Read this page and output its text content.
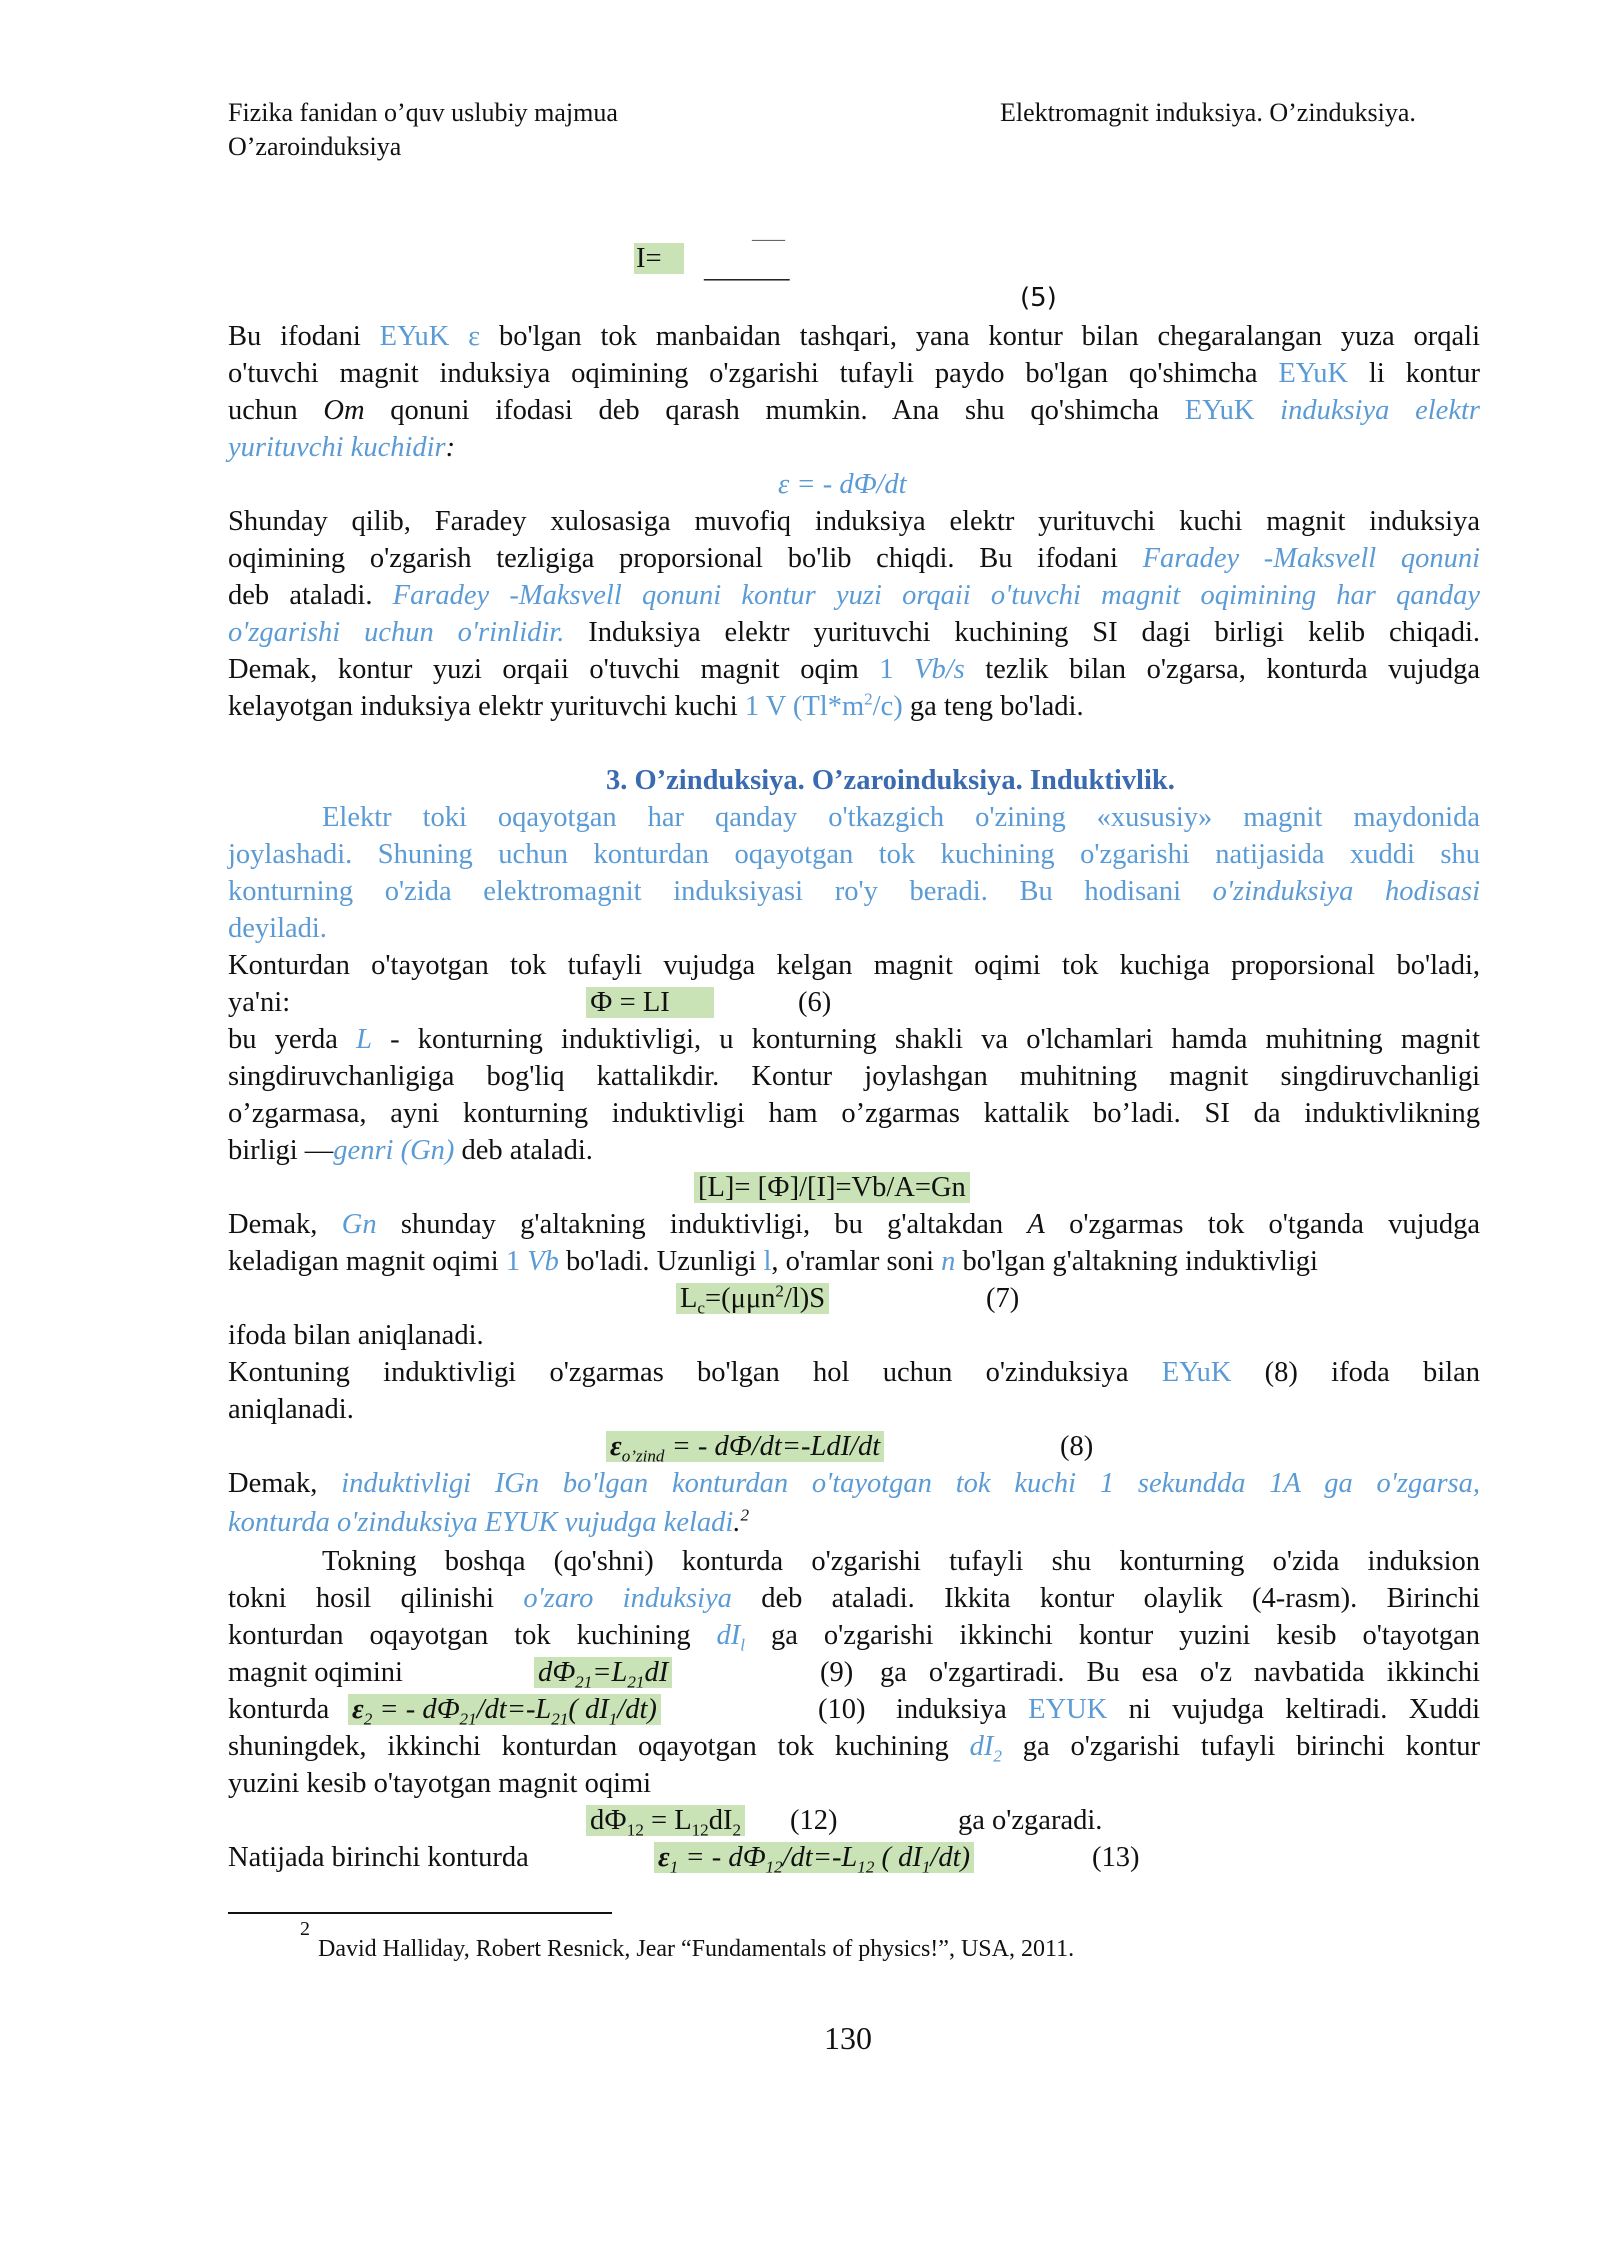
Fizika fanidan o’quv uslubiy majmua
O’zaroinduksiya
Elektromagnit induksiya. O’zinduksiya.
I=
___
______
(5)
Bu ifodani EYuK ε bo'lgan tok manbaidan tashqari, yana kontur bilan chegaralangan yuza orqali
o'tuvchi magnit induksiya oqimining o'zgarishi tufayli paydo bo'lgan qo'shimcha EYuK li kontur
uchun Om qonuni ifodasi deb qarash mumkin. Ana shu qo'shimcha EYuK induksiya elektr
yurituvchi kuchidir:
ε = - dФ/dt
Shunday qilib, Faradey xulosasiga muvofiq induksiya elektr yurituvchi kuchi magnit induksiya
oqimining o'zgarish tezligiga proporsional bo'lib chiqdi. Bu ifodani Faradey -Maksvell qonuni
deb ataladi. Faradey -Maksvell qonuni kontur yuzi orqaii o'tuvchi magnit oqimining har qanday
o'zgarishi uchun o'rinlidir. Induksiya elektr yurituvchi kuchining SI dagi birligi kelib chiqadi.
Demak, kontur yuzi orqaii o'tuvchi magnit oqim 1 Vb/s tezlik bilan o'zgarsa, konturda vujudga
kelayotgan induksiya elektr yurituvchi kuchi 1 V $(Tl*m^2/c)$ ga teng bo'ladi.
3. O’zinduksiya. O’zaroinduksiya. Induktivlik.
Elektr toki oqayotgan har qanday o'tkazgich o'zining «xususiy» magnit maydonida
joylashadi. Shuning uchun konturdan oqayotgan tok kuchining o'zgarishi natijasida xuddi shu
konturning o'zida elektromagnit induksiyasi ro'y beradi. Bu hodisani o'zinduksiya hodisasi
deyiladi.
Konturdan o'tayotgan tok tufayli vujudga kelgan magnit oqimi tok kuchiga proporsional bo'ladi,
ya'ni:	Ф = LI	(6)
bu yerda L - konturning induktivligi, u konturning shakli va o'lchamlari hamda muhitning magnit
singdiruvchanligiga bog'liq kattalikdir. Kontur joylashgan muhitning magnit singdiruvchanligi
o’zgarmasa, ayni konturning induktivligi ham o’zgarmas kattalik bo’ladi. SI da induktivlikning
birligi —genri (Gn) deb ataladi.
[L]= [Ф]/[I]=Vb/A=Gn
Demak, Gn shunday g'altakning induktivligi, bu g'altakdan A o'zgarmas tok o'tganda vujudga
keladigan magnit oqimi 1 Vb bo'ladi. Uzunligi l, o'ramlar soni n bo'lgan g'altakning induktivligi
$L_c=(\mu\mu n^2/l)S$	(7)
ifoda bilan aniqlanadi.
Kontuning induktivligi o'zgarmas bo'lgan hol uchun o'zinduksiya EYuK (8) ifoda bilan
aniqlanadi.
$\varepsilon_{o’zind}$ = - dФ/dt=-LdI/dt	(8)
Demak, induktivligi IGn bo'lgan konturdan o'tayotgan tok kuchi 1 sekundda 1A ga o'zgarsa,
konturda o'zinduksiya EYUK vujudga keladi.$^2$
Tokning boshqa (qo'shni) konturda o'zgarishi tufayli shu konturning o'zida induksion
tokni hosil qilinishi o'zaro induksiya deb ataladi. Ikkita kontur olaylik (4-rasm). Birinchi
konturdan oqayotgan tok kuchining $dI_l$ ga o'zgarishi ikkinchi kontur yuzini kesib o'tayotgan
magnit oqimini	$dФ_{21}=L_{21}dI$	(9) ga o'zgartiradi. Bu esa o'z navbatida ikkinchi
konturda $\varepsilon_2$ = - $dФ_{21}/dt=-L_{21}$( $dI_1/dt$)	(10) induksiya EYUK ni vujudga keltiradi. Xuddi
shuningdek, ikkinchi konturdan oqayotgan tok kuchining $dI_2$ ga o'zgarishi tufayli birinchi kontur
yuzini kesib o'tayotgan magnit oqimi
$dФ_{12} = L_{12}dI_2$ (12)	ga o'zgaradi.
Natijada birinchi konturda	$\varepsilon_1$ = - $dФ_{12}/dt=-L_{12}$ ( $dI_1/dt$)	(13)
$^2$David Halliday, Robert Resnick, Jear “Fundamentals of physics!”, USA, 2011.
130
